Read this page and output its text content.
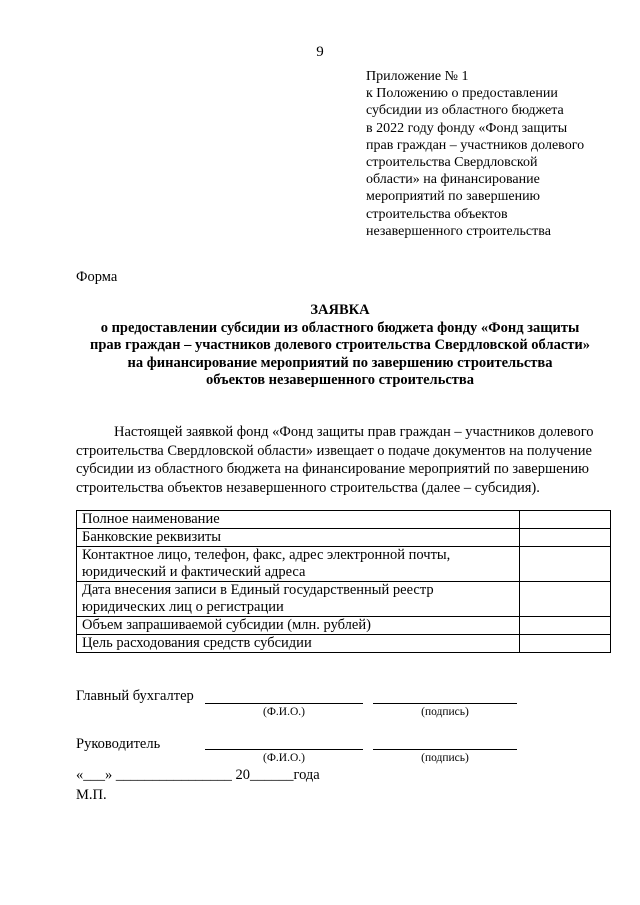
9
Приложение № 1
к Положению о предоставлении
субсидии из областного бюджета
в 2022 году фонду «Фонд защиты
прав граждан – участников долевого
строительства Свердловской
области» на финансирование
мероприятий по завершению
строительства объектов
незавершенного строительства
Форма
ЗАЯВКА
о предоставлении субсидии из областного бюджета фонду «Фонд защиты
прав граждан – участников долевого строительства Свердловской области»
на финансирование мероприятий по завершению строительства
объектов незавершенного строительства
Настоящей заявкой фонд «Фонд защиты прав граждан – участников долевого
строительства Свердловской области» извещает о подаче документов на получение
субсидии из областного бюджета на финансирование мероприятий по завершению
строительства объектов незавершенного строительства (далее – субсидия).
Полное наименование	

Банковские реквизиты	

Контактное лицо, телефон, факс, адрес электронной почты,
юридический и фактический адреса	

Дата внесения записи в Единый государственный реестр
юридических лиц о регистрации	

Объем запрашиваемой субсидии (млн. рублей)	

Цель расходования средств субсидии	

Главный бухгалтер
(Ф.И.О.)	(подпись)
Руководитель
(Ф.И.О.)	(подпись)
«___» ________________ 20______года
М.П.
